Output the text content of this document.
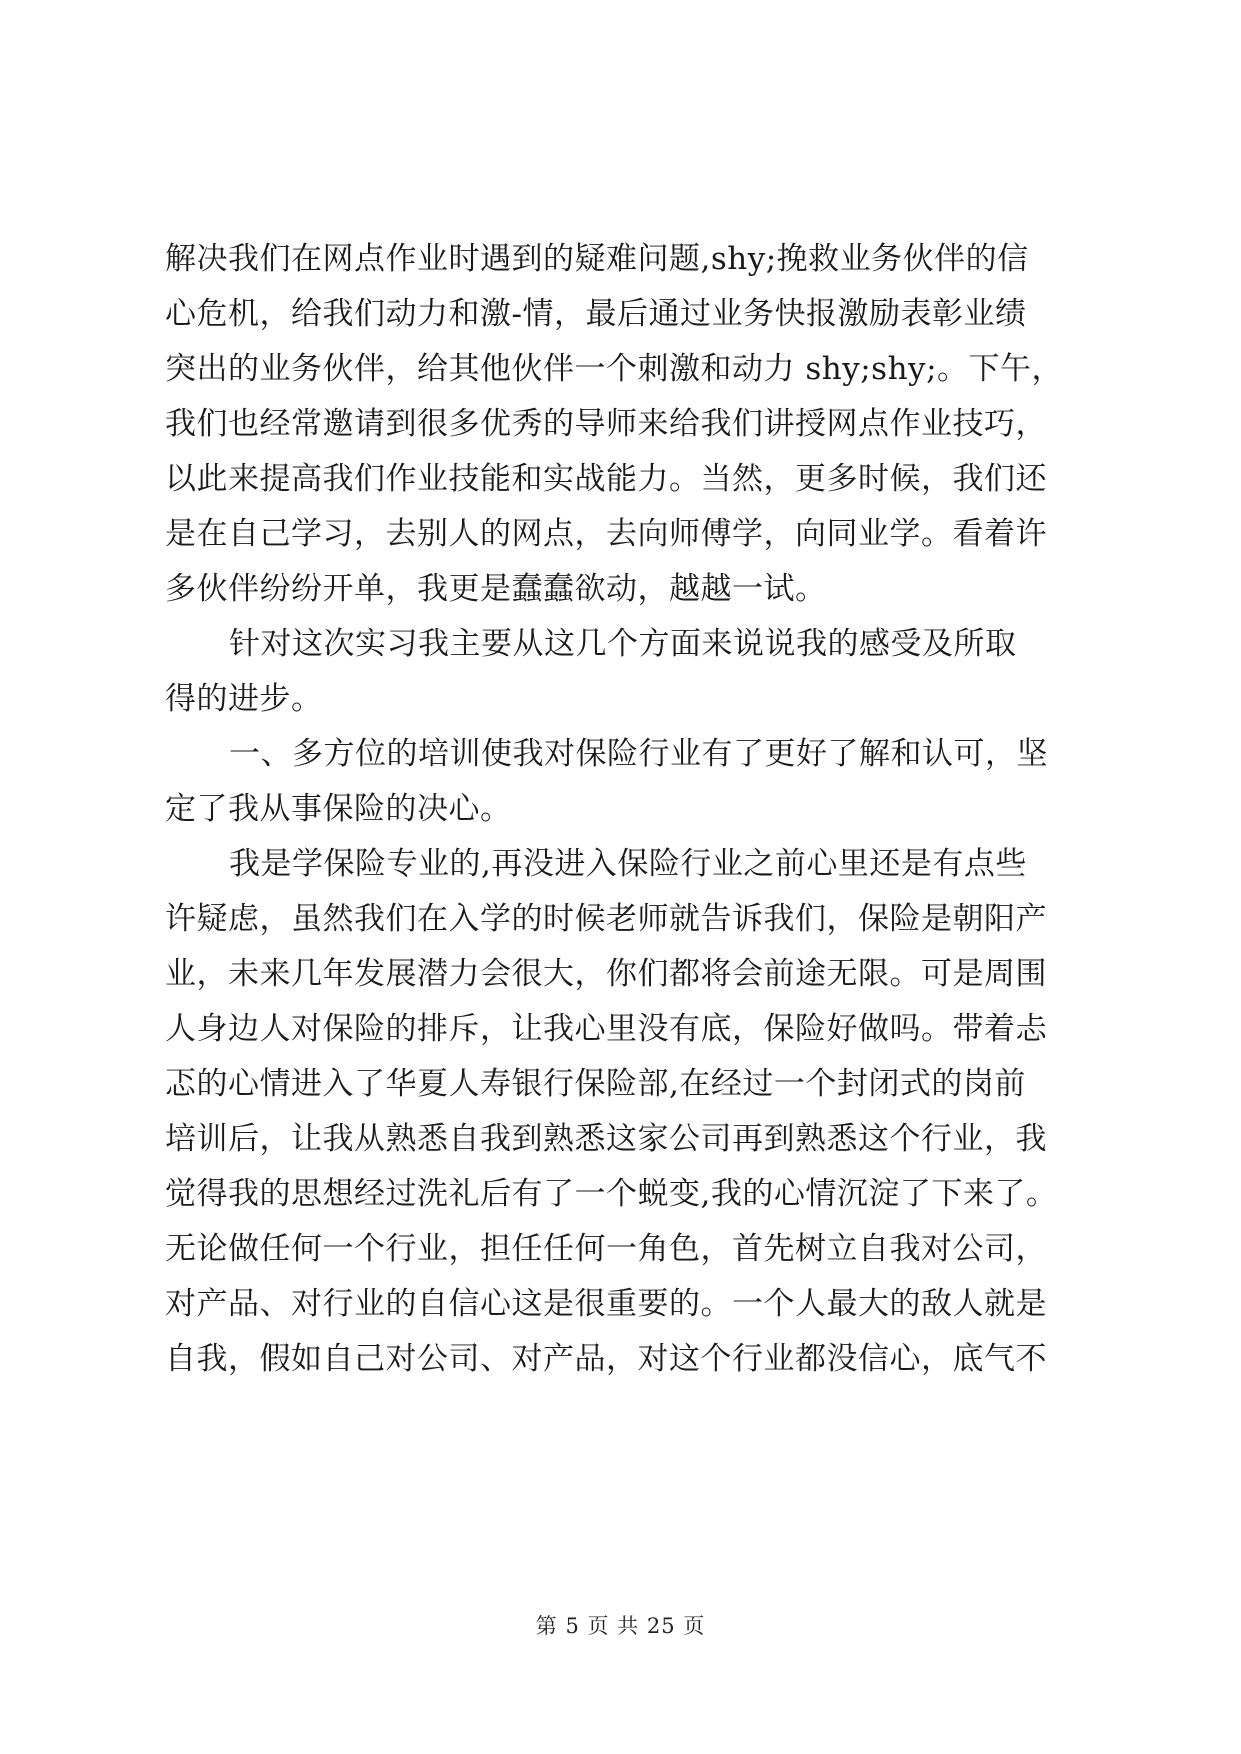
解决我们在网点作业时遇到的疑难问题,shy;挽救业务伙伴的信
心危机，给我们动力和激-情，最后通过业务快报激励表彰业绩
突出的业务伙伴，给其他伙伴一个刺激和动力 shy;shy;。下午，
我们也经常邀请到很多优秀的导师来给我们讲授网点作业技巧，
以此来提高我们作业技能和实战能力。当然，更多时候，我们还
是在自己学习，去别人的网点，去向师傅学，向同业学。看着许
多伙伴纷纷开单，我更是蠢蠢欲动，越越一试。
针对这次实习我主要从这几个方面来说说我的感受及所取
得的进步。
一、多方位的培训使我对保险行业有了更好了解和认可，坚
定了我从事保险的决心。
我是学保险专业的,再没进入保险行业之前心里还是有点些
许疑虑，虽然我们在入学的时候老师就告诉我们，保险是朝阳产
业，未来几年发展潜力会很大，你们都将会前途无限。可是周围
人身边人对保险的排斥，让我心里没有底，保险好做吗。带着忐
忑的心情进入了华夏人寿银行保险部,在经过一个封闭式的岗前
培训后，让我从熟悉自我到熟悉这家公司再到熟悉这个行业，我
觉得我的思想经过洗礼后有了一个蜕变,我的心情沉淀了下来了。
无论做任何一个行业，担任任何一角色，首先树立自我对公司，
对产品、对行业的自信心这是很重要的。一个人最大的敌人就是
自我，假如自己对公司、对产品，对这个行业都没信心，底气不
第 5 页 共 25 页
